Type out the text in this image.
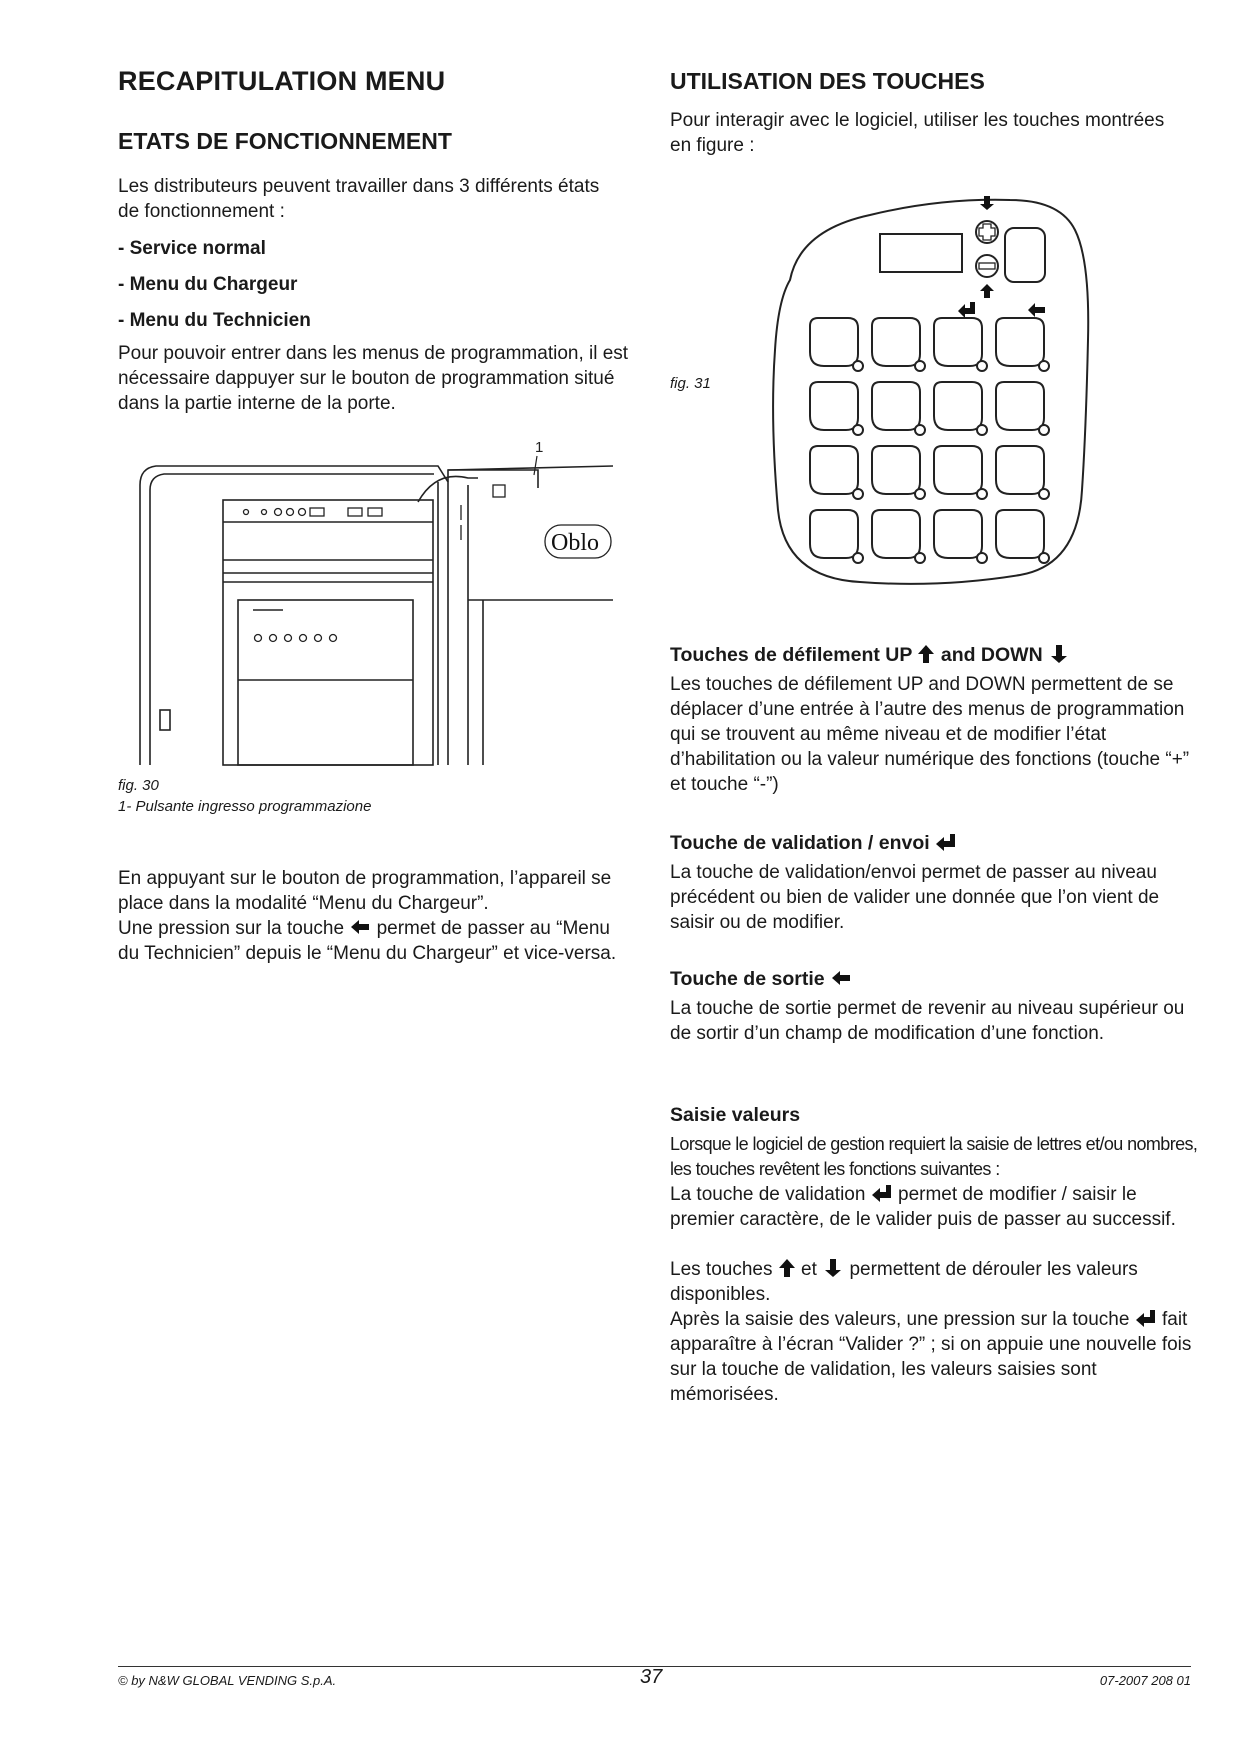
RECAPITULATION MENU
ETATS DE FONCTIONNEMENT

Les distributeurs peuvent travailler dans 3 différents états de fonctionnement :

- Service normal

- Menu du Chargeur

- Menu du Technicien

Pour pouvoir entrer dans les menus de programmation, il est nécessaire dappuyer sur le bouton de programmation situé dans la partie interne de la porte.

fig. 30

1- Pulsante ingresso programmazione

En appuyant sur le bouton de programmation, l’appareil se place dans la modalité “Menu du Chargeur”.

Une pression sur la touche permet de passer au “Menu du Technicien” depuis le “Menu du Chargeur” et vice-versa.

1
Oblo
UTILISATION DES TOUCHES

Pour interagir avec le logiciel, utiliser les touches montrées en figure :

fig. 31

Touches de défilement UP and DOWN

Les touches de défilement UP and DOWN permettent de se déplacer d’une entrée à l’autre des menus de programmation qui se trouvent au même niveau et de modifier l’état d’habilitation ou la valeur numérique des fonctions (touche “+” et touche “-”)

Touche de validation / envoi

La touche de validation/envoi permet de passer au niveau précédent ou bien de valider une donnée que l’on vient de saisir ou de modifier.

Touche de sortie

La touche de sortie permet de revenir au niveau supérieur ou de sortir d’un champ de modification d’une fonction.

Saisie valeurs

Lorsque le logiciel de gestion requiert la saisie de lettres et/ou nombres, les touches revêtent les fonctions suivantes :

La touche de validation permet de modifier / saisir le premier caractère, de le valider puis de passer au successif.

Les touches et permettent de dérouler les valeurs disponibles.

Après la saisie des valeurs, une pression sur la touche fait apparaître à l’écran “Valider ?” ; si on appuie une nouvelle fois sur la touche de validation, les valeurs saisies sont mémorisées.

© by N&W GLOBAL VENDING S.p.A.	37	07-2007 208 01
